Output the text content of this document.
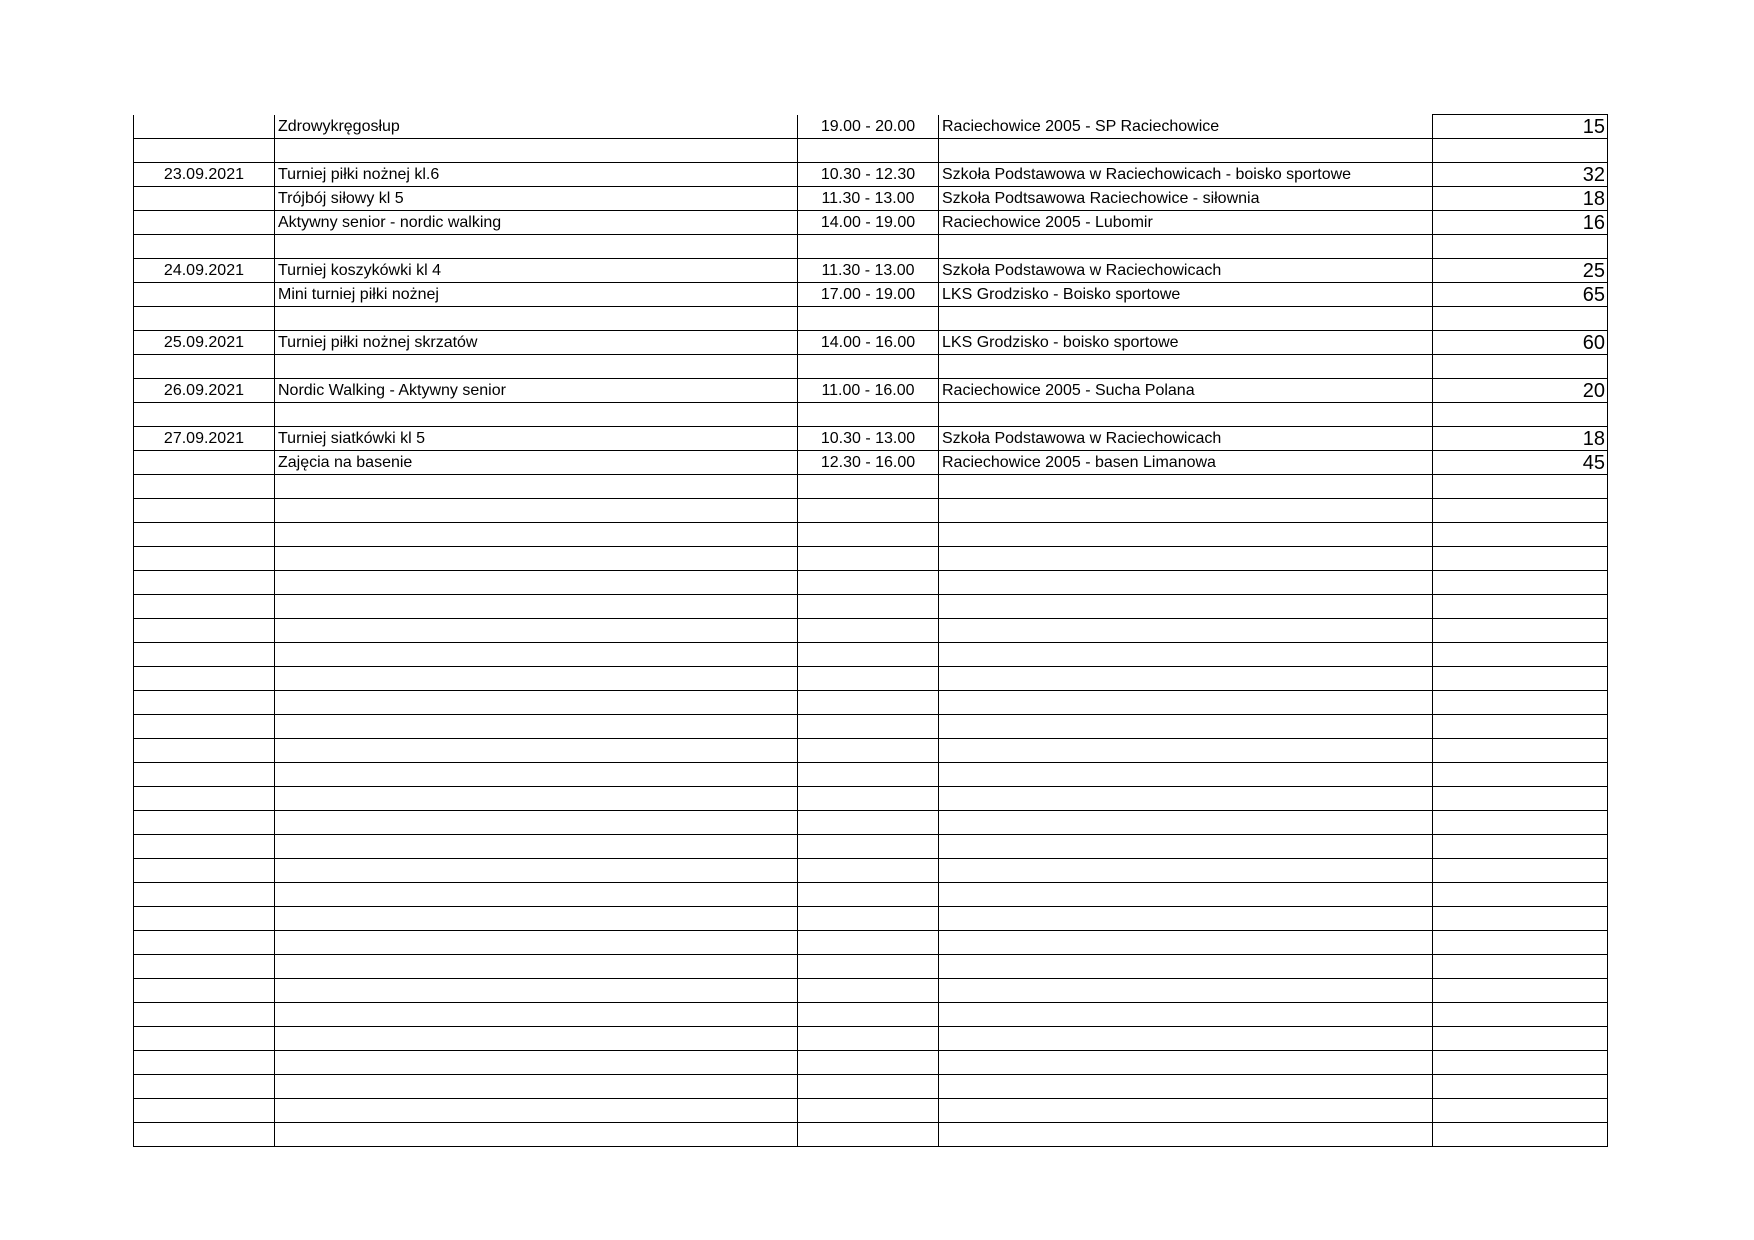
	Zdrowykręgosłup	19.00 - 20.00	Raciechowice 2005 - SP Raciechowice	15

23.09.2021	Turniej piłki nożnej kl.6	10.30 - 12.30	Szkoła Podstawowa w Raciechowicach - boisko sportowe	32
	Trójbój siłowy kl 5	11.30 - 13.00	Szkoła Podtsawowa Raciechowice - siłownia	18
	Aktywny senior - nordic walking	14.00 - 19.00	Raciechowice 2005 - Lubomir	16

24.09.2021	Turniej koszykówki kl 4	11.30 - 13.00	Szkoła Podstawowa w Raciechowicach	25
	Mini turniej piłki nożnej	17.00 - 19.00	LKS Grodzisko - Boisko sportowe	65

25.09.2021	Turniej piłki nożnej skrzatów	14.00 - 16.00	LKS Grodzisko - boisko sportowe	60

26.09.2021	Nordic Walking - Aktywny senior	11.00 - 16.00	Raciechowice 2005 - Sucha Polana	20

27.09.2021	Turniej siatkówki kl 5	10.30 - 13.00	Szkoła Podstawowa w Raciechowicach	18
	Zajęcia na basenie	12.30 - 16.00	Raciechowice 2005 - basen Limanowa	45
